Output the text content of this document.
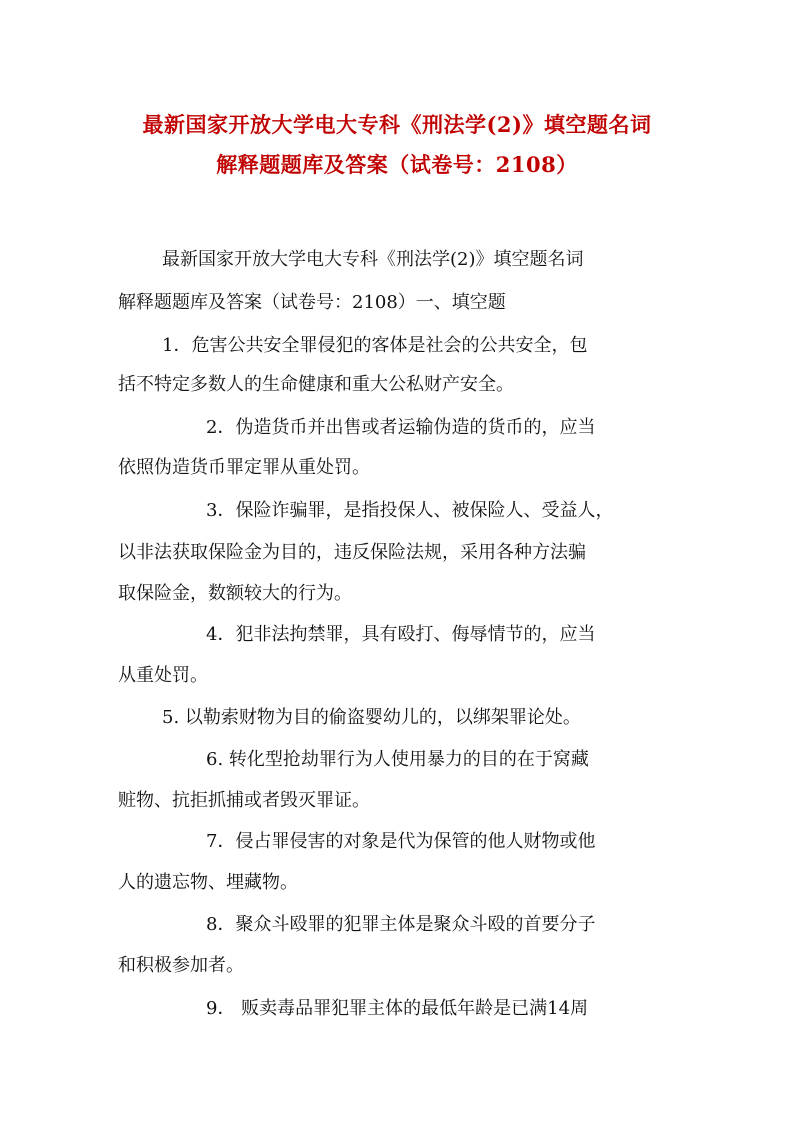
最新国家开放大学电大专科《刑法学(2)》填空题名词
解释题题库及答案（试卷号：2108）
最新国家开放大学电大专科《刑法学(2)》填空题名词
解释题题库及答案（试卷号：2108）一、填空题
1．危害公共安全罪侵犯的客体是社会的公共安全，包
括不特定多数人的生命健康和重大公私财产安全。
2．伪造货币并出售或者运输伪造的货币的，应当
依照伪造货币罪定罪从重处罚。
3．保险诈骗罪，是指投保人、被保险人、受益人，
以非法获取保险金为目的，违反保险法规，采用各种方法骗
取保险金，数额较大的行为。
4．犯非法拘禁罪，具有殴打、侮辱情节的，应当
从重处罚。
5. 以勒索财物为目的偷盗婴幼儿的，以绑架罪论处。
6. 转化型抢劫罪行为人使用暴力的目的在于窝藏
赃物、抗拒抓捕或者毁灭罪证。
7．侵占罪侵害的对象是代为保管的他人财物或他
人的遗忘物、埋藏物。
8．聚众斗殴罪的犯罪主体是聚众斗殴的首要分子
和积极参加者。
9． 贩卖毒品罪犯罪主体的最低年龄是已满14周
